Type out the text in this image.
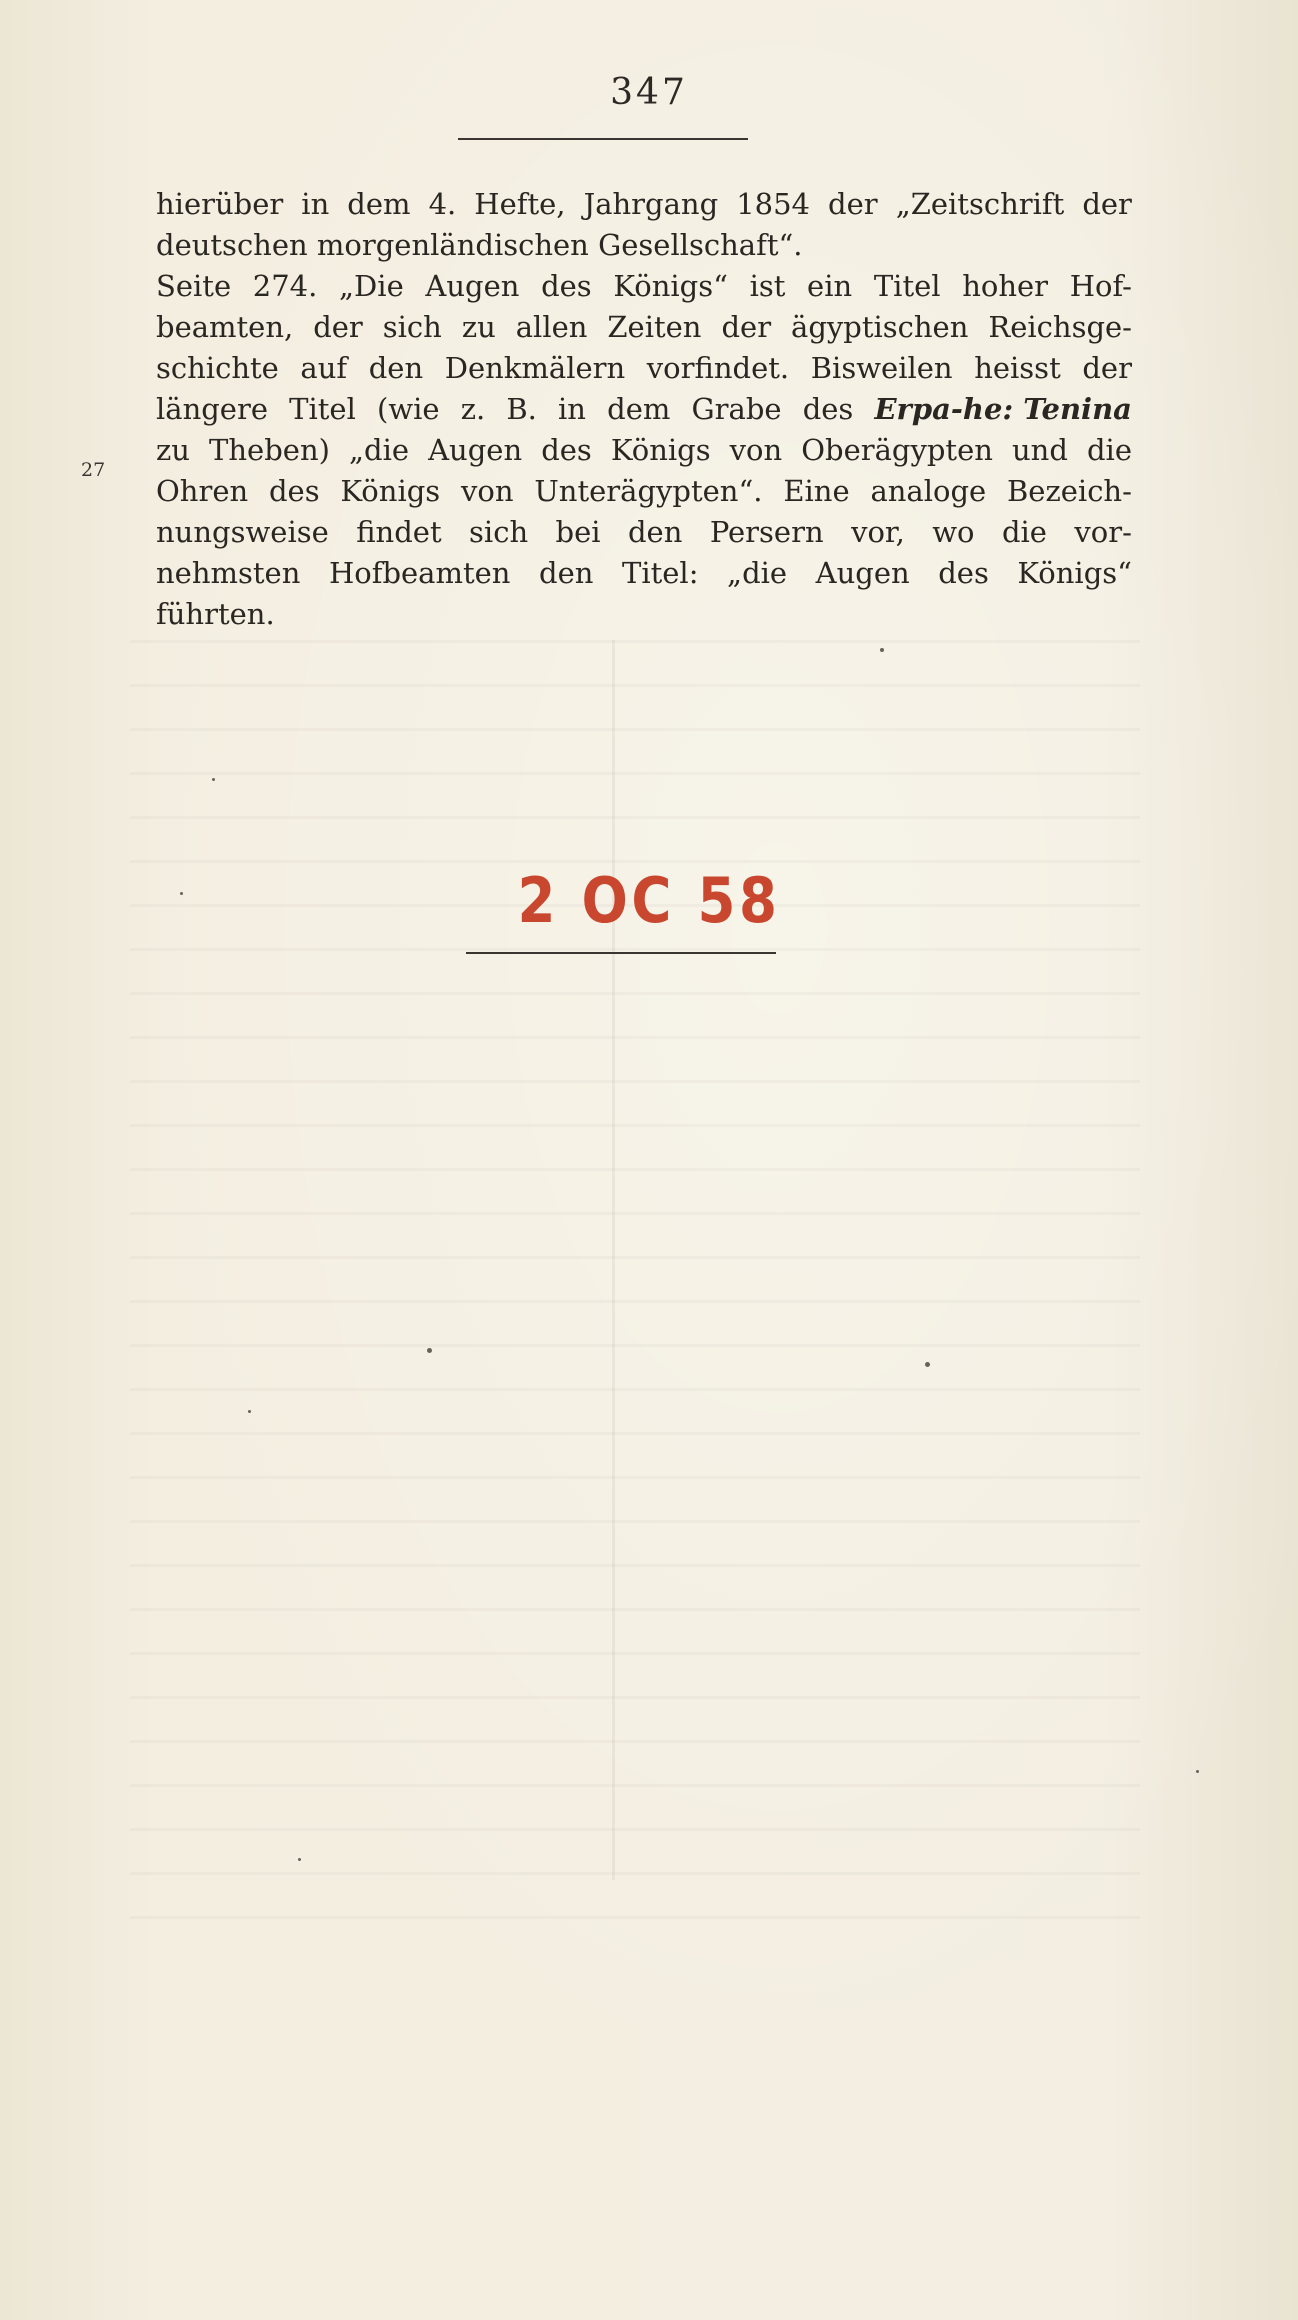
347
27
hierüber in dem 4. Hefte, Jahrgang 1854 der „Zeitschrift der
deutschen morgenländischen Gesellschaft“.
Seite 274. „Die Augen des Königs“ ist ein Titel hoher Hof-
beamten, der sich zu allen Zeiten der ägyptischen Reichsge-
schichte auf den Denkmälern vorfindet. Bisweilen heisst der
längere Titel (wie z. B. in dem Grabe des Erpa-he: Tenina
zu Theben) „die Augen des Königs von Oberägypten und die
Ohren des Königs von Unterägypten“. Eine analoge Bezeich-
nungsweise findet sich bei den Persern vor, wo die vor-
nehmsten Hofbeamten den Titel: „die Augen des Königs“
führten.
2 OC 58
